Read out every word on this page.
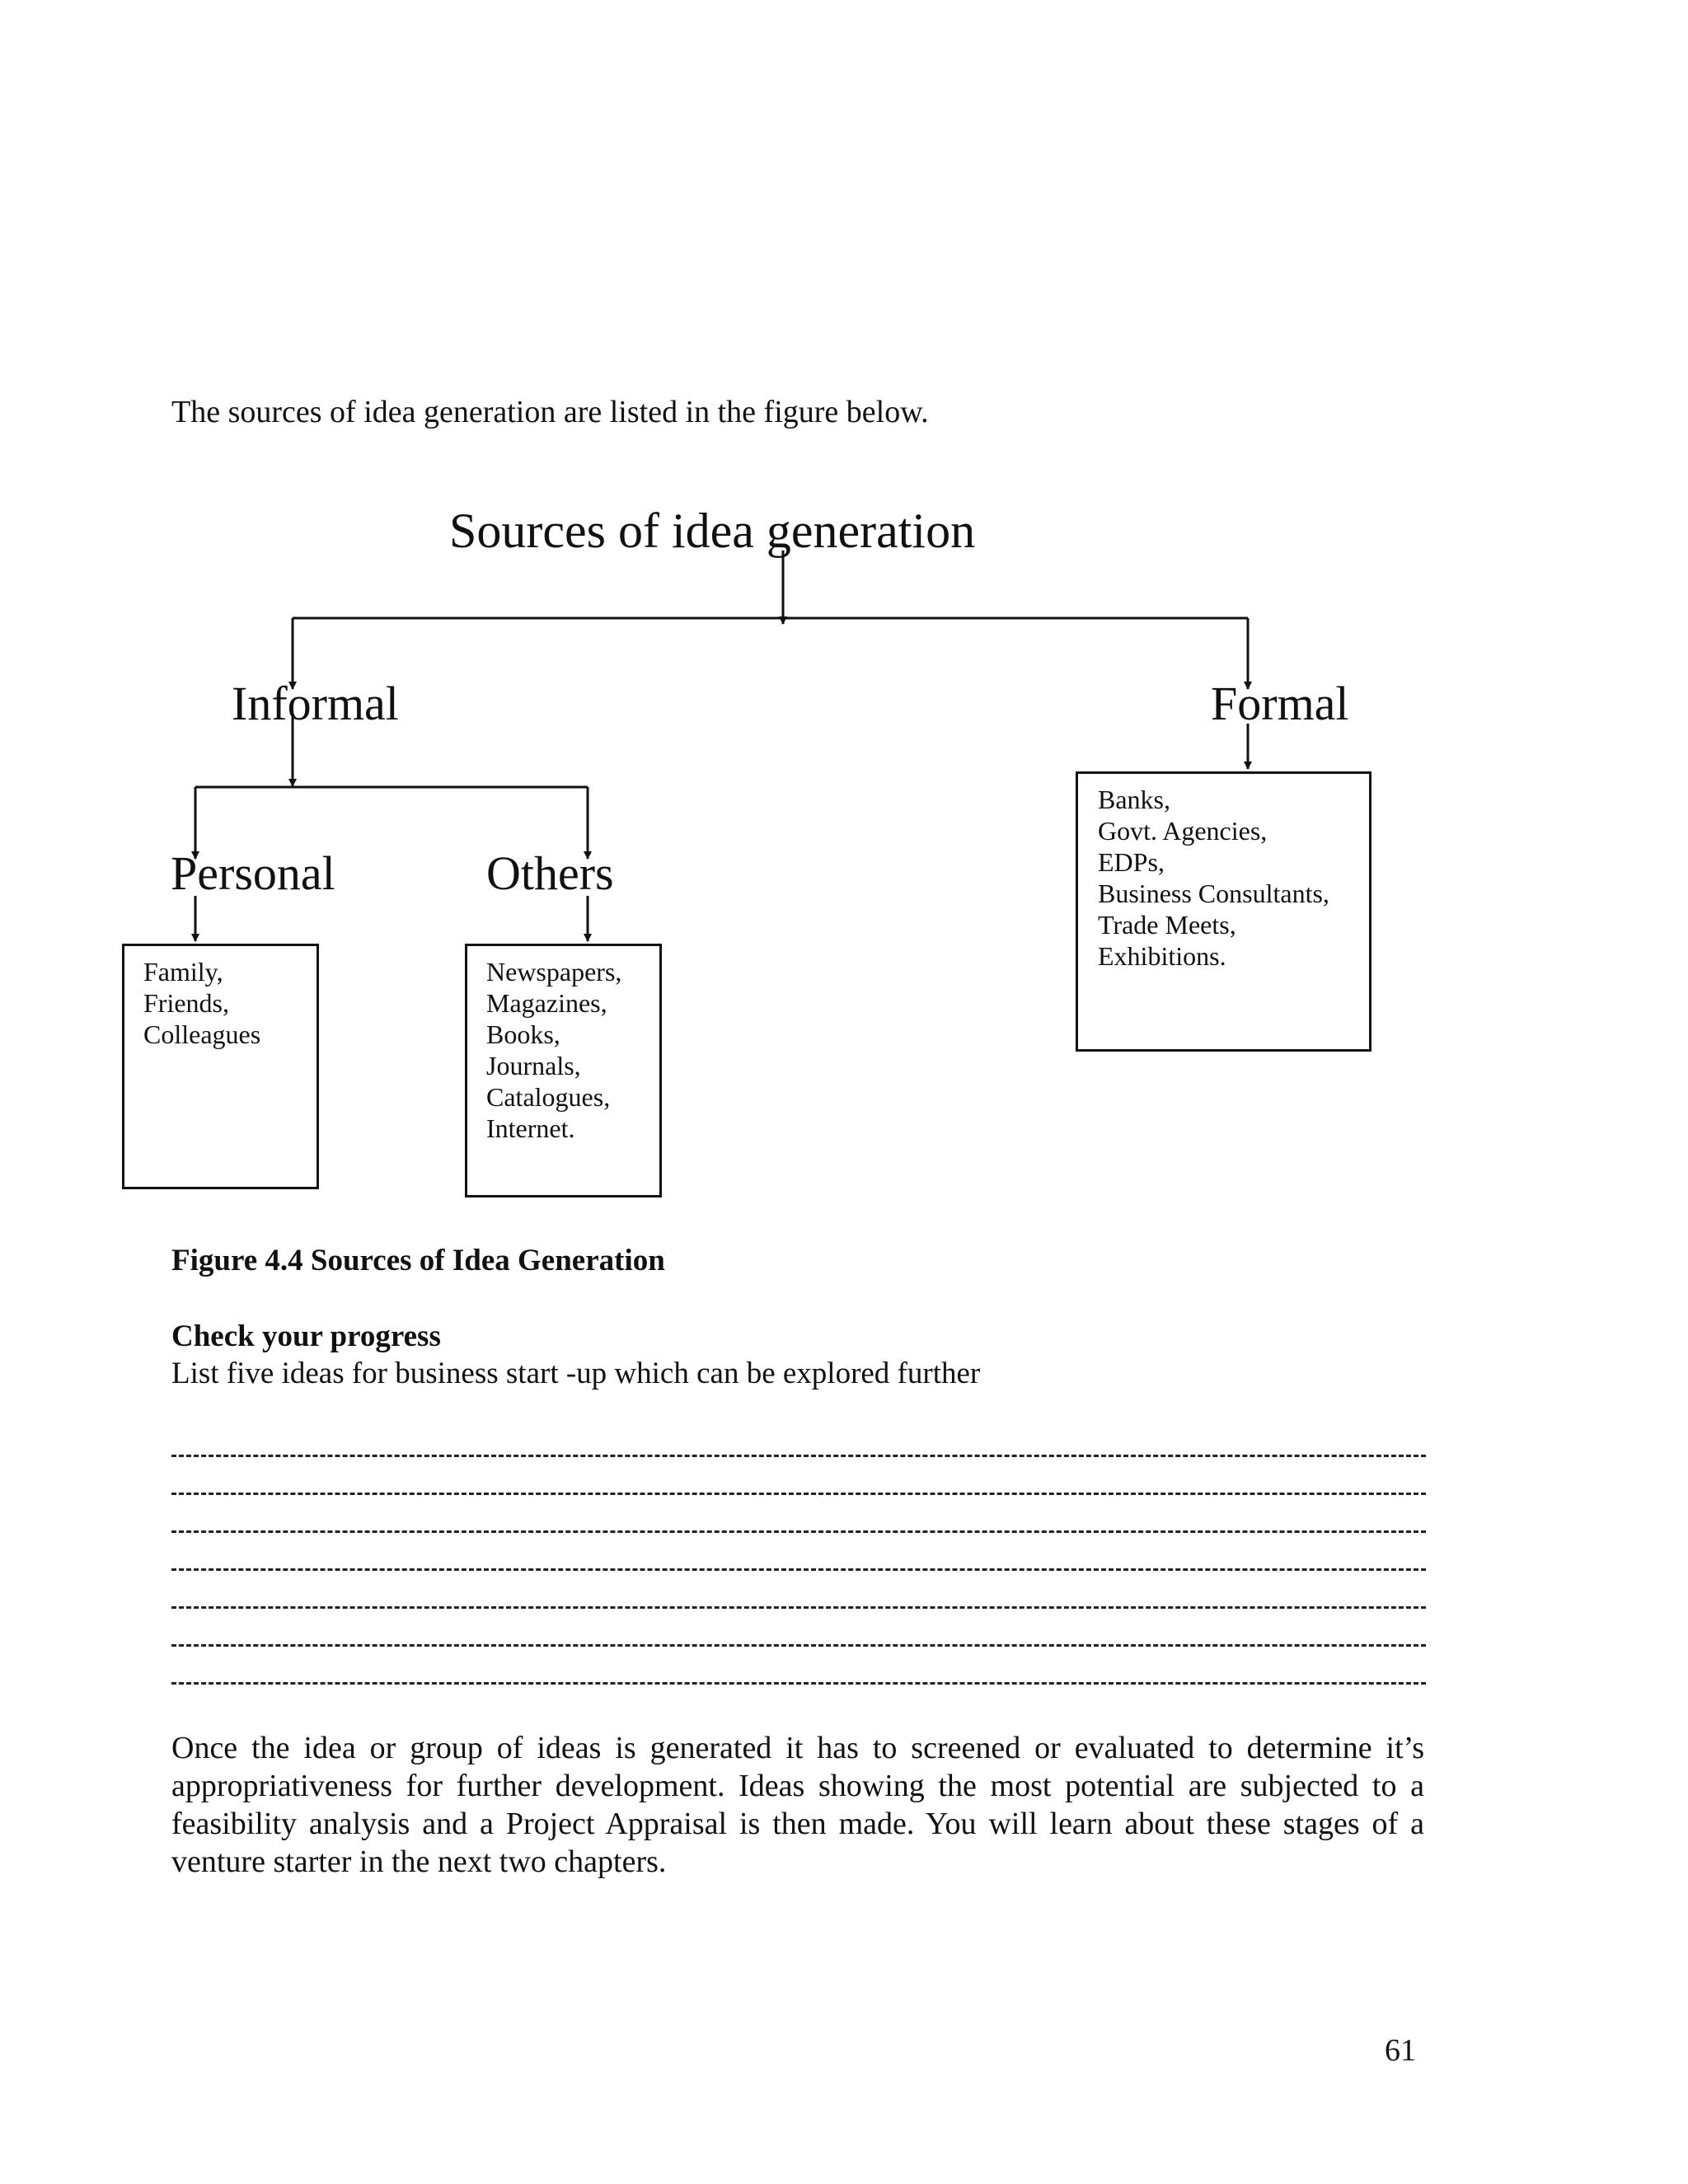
The sources of idea generation are listed in the figure below.
Sources of idea generation
Informal	Formal
Personal	Others
Family,
Friends,
Colleagues
Newspapers,
Magazines,
Books,
Journals,
Catalogues,
Internet.
Banks,
Govt. Agencies,
EDPs,
Business Consultants,
Trade Meets,
Exhibitions.
Figure 4.4 Sources of Idea Generation
Check your progress
List five ideas for business start -up which can be explored further
Once the idea or group of ideas is generated it has to screened or evaluated to determine it’s appropriativeness for further development. Ideas showing the most potential are subjected to a feasibility analysis and a Project Appraisal is then made. You will learn about these stages of a venture starter in the next two chapters.
61
